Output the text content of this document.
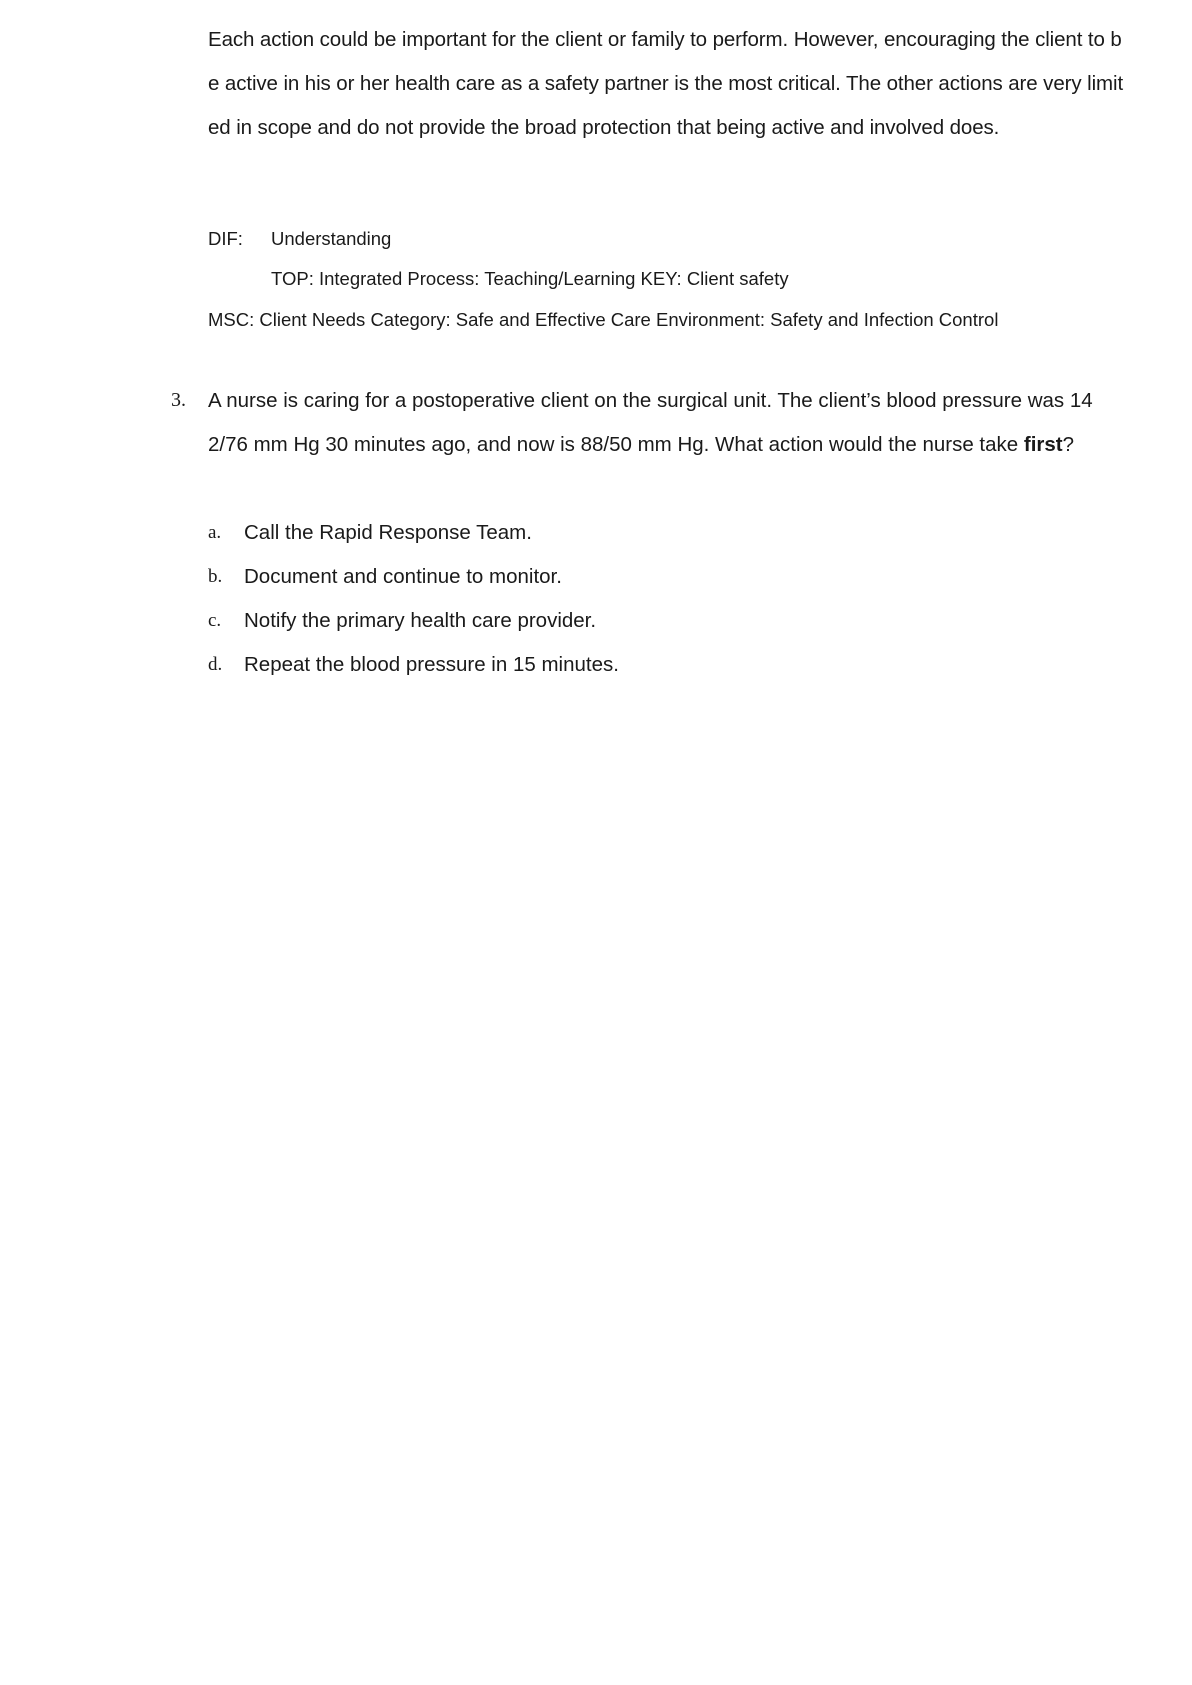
Each action could be important for the client or family to perform. However, encouraging the client to be active in his or her health care as a safety partner is the most critical. The other actions are very limited in scope and do not provide the broad protection that being active and involved does.

DIF: Understanding

TOP: Integrated Process: Teaching/Learning KEY: Client safety

MSC: Client Needs Category: Safe and Effective Care Environment: Safety and Infection Control

3. A nurse is caring for a postoperative client on the surgical unit. The client’s blood pressure was 142/76 mm Hg 30 minutes ago, and now is 88/50 mm Hg. What action would the nurse take first?

a. Call the Rapid Response Team.
b. Document and continue to monitor.
c. Notify the primary health care provider.
d. Repeat the blood pressure in 15 minutes.
